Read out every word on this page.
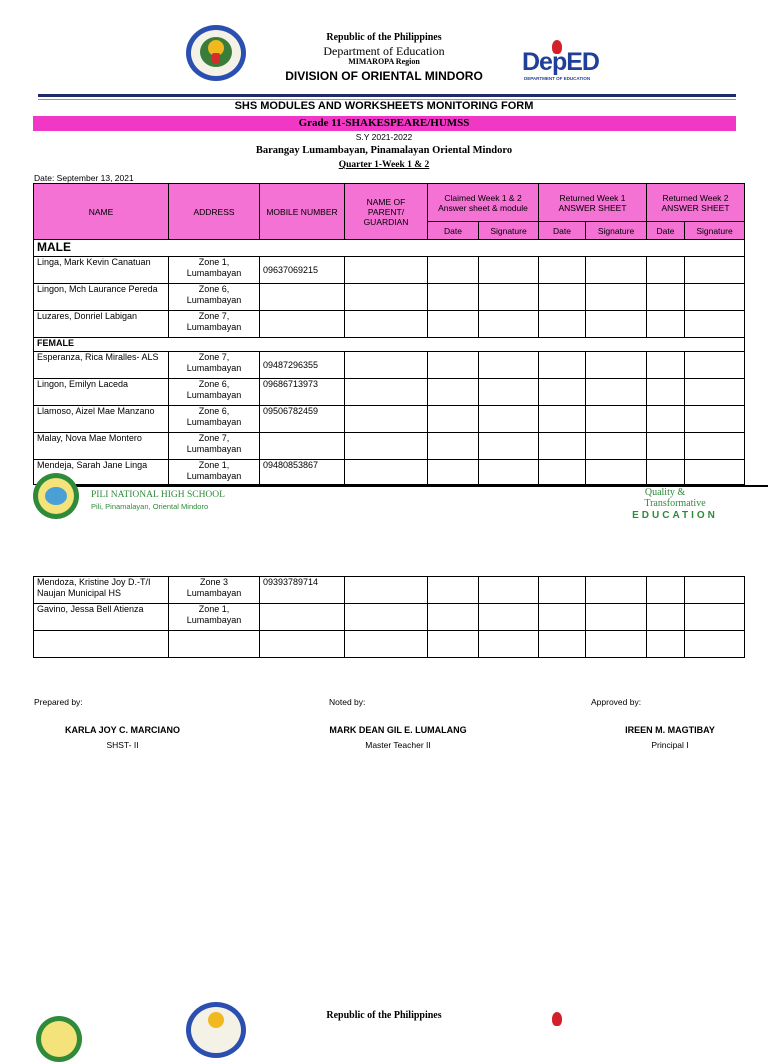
Republic of the Philippines
Department of Education
MIMAROPA Region
DIVISION OF ORIENTAL MINDORO	DepED
DEPARTMENT OF EDUCATION
SHS MODULES AND WORKSHEETS MONITORING FORM
Grade 11-SHAKESPEARE/HUMSS
S.Y 2021-2022
Barangay Lumambayan, Pinamalayan Oriental Mindoro
Quarter 1-Week 1 & 2
Date: September 13, 2021
NAME	ADDRESS	MOBILE NUMBER	NAME OF PARENT/ GUARDIAN	Claimed Week 1 & 2 Answer sheet & module		Returned Week 1 ANSWER SHEET		Returned Week 2 ANSWER SHEET	
				Date	Signature	Date	Signature	Date	Signature
MALE									
Linga, Mark Kevin Canatuan	Zone 1, Lumambayan	09637069215							
Lingon, Mch Laurance Pereda	Zone 6, Lumambayan								
Luzares, Donriel Labigan	Zone 7, Lumambayan								
FEMALE									
Esperanza, Rica Miralles- ALS	Zone 7, Lumambayan	09487296355							
Lingon, Emilyn Laceda	Zone 6, Lumambayan	09686713973							
Llamoso, Aizel Mae Manzano	Zone 6, Lumambayan	09506782459							
Malay, Nova Mae Montero	Zone 7, Lumambayan								
Mendeja, Sarah Jane Linga	Zone 1, Lumambayan	09480853867							
PILI NATIONAL HIGH SCHOOL
Pili, Pinamalayan, Oriental Mindoro
Quality &
Transformative
EDUCATION
Mendoza, Kristine Joy D.-T/I Naujan Municipal HS	Zone 3 Lumambayan	09393789714							
Gavino, Jessa Bell Atienza	Zone 1, Lumambayan								

Prepared by:	Noted by:	Approved by:
KARLA JOY C. MARCIANO
SHST- II
MARK DEAN GIL E. LUMALANG
Master Teacher II
IREEN M. MAGTIBAY
Principal I
Republic of the Philippines
